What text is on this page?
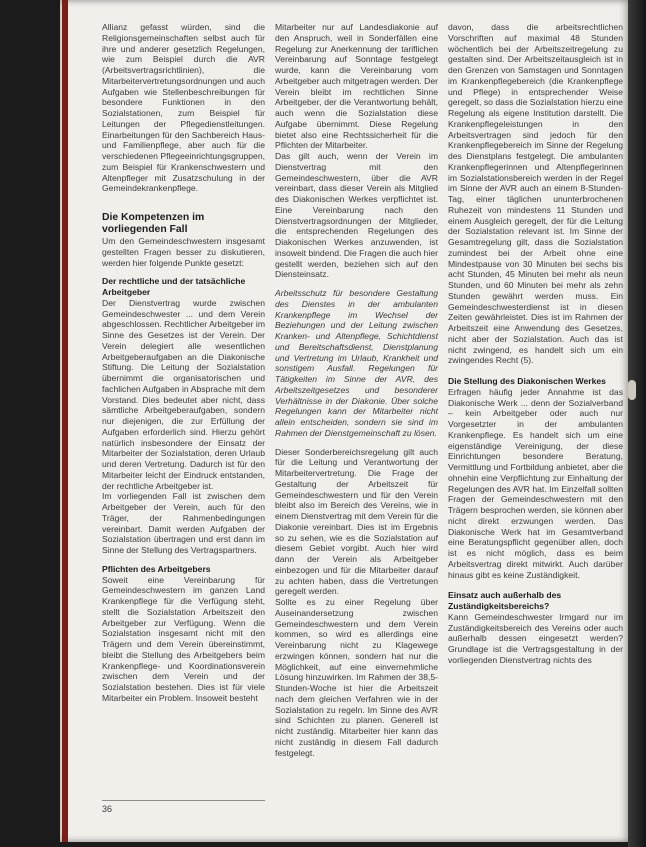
Allianz gefasst würden, sind die Religionsgemeinschaften selbst auch für ihre und anderer gesetzlich Regelungen, wie zum Beispiel durch die AVR (Arbeitsvertragsrichtlinien), die Mitarbeitervertretungsordnungen und auch Aufgaben wie Stellenbeschreibungen für besondere Funktionen in den Sozialstationen, zum Beispiel für Leitungen der Pflegedienstleitungen. Einarbeitungen für den Sachbereich Haus- und Familienpflege, aber auch für die verschiedenen Pflegeeinrichtungsgruppen, zum Beispiel für Krankenschwestern und Altenpfleger mit Zusatzschulung in der Gemeindekrankenpflege.

Die Kompetenzen im vorliegenden Fall

Um den Gemeindeschwestern insgesamt gestellten Fragen besser zu diskutieren, werden hier folgende Punkte gesetzt:

Der rechtliche und der tatsächliche Arbeitgeber

Der Dienstvertrag wurde zwischen Gemeindeschwester ... und dem Verein abgeschlossen. Rechtlicher Arbeitgeber im Sinne des Gesetzes ist der Verein. Der Verein delegiert alle wesentlichen Arbeitgeberaufgaben an die Diakonische Stiftung. Die Leitung der Sozialstation übernimmt die organisatorischen und fachlichen Aufgaben in Absprache mit dem Vorstand. Dies bedeutet aber nicht, dass sämtliche Arbeitgeberaufgaben, sondern nur diejenigen, die zur Erfüllung der Aufgaben erforderlich sind. Hierzu gehört natürlich insbesondere der Einsatz der Mitarbeiter der Sozialstation, deren Urlaub und deren Vertretung. Dadurch ist für den Mitarbeiter leicht der Eindruck entstanden, der rechtliche Arbeitgeber ist.

Im vorliegenden Fall ist zwischen dem Arbeitgeber der Verein, auch für den Träger, der Rahmenbedingungen vereinbart. Damit werden Aufgaben der Sozialstation übertragen und erst dann im Sinne der Stellung des Vertragspartners.

Pflichten des Arbeitgebers

Soweit eine Vereinbarung für Gemeindeschwestern im ganzen Land Krankenpflege für die Verfügung steht, stellt die Sozialstation Arbeitszeit den Arbeitgeber zur Verfügung. Wenn die Sozialstation insgesamt nicht mit den Trägern und dem Verein übereinstimmt, bleibt die Stellung des Arbeitgebers beim Krankenpflege- und Koordinationsverein zwischen dem Verein und der Sozialstation bestehen. Dies ist für viele Mitarbeiter ein Problem. Insoweit besteht

Mitarbeiter nur auf Landesdiakonie auf den Anspruch, weil in Sonderfällen eine Regelung zur Anerkennung der tariflichen Vereinbarung auf Sonntage festgelegt wurde, kann die Vereinbarung vom Arbeitgeber auch mitgetragen werden. Der Verein bleibt im rechtlichen Sinne Arbeitgeber, der die Verantwortung behält, auch wenn die Sozialstation diese Aufgabe übernimmt. Diese Regelung bietet also eine Rechtssicherheit für die Pflichten der Mitarbeiter.

Das gilt auch, wenn der Verein im Dienstvertrag mit den Gemeindeschwestern, über die AVR vereinbart, dass dieser Verein als Mitglied des Diakonischen Werkes verpflichtet ist. Eine Vereinbarung nach den Dienstvertragsordnungen der Mitglieder, die entsprechenden Regelungen des Diakonischen Werkes anzuwenden, ist insoweit bindend. Die Fragen die auch hier gestellt werden, beziehen sich auf den Diensteinsatz.

Arbeitsschutz für besondere Gestaltung des Dienstes in der ambulanten Krankenpflege im Wechsel der Beziehungen und der Leitung zwischen Kranken- und Altenpflege, Schichtdienst und Bereitschaftsdienst, Dienstplanung und Vertretung im Urlaub, Krankheit und sonstigem Ausfall. Regelungen für Tätigkeiten im Sinne der AVR, des Arbeitszeitgesetzes und besonderer Verhältnisse in der Diakonie. Über solche Regelungen kann der Mitarbeiter nicht allein entscheiden, sondern sie sind im Rahmen der Dienstgemeinschaft zu lösen.

Dieser Sonderbereichsregelung gilt auch für die Leitung und Verantwortung der Mitarbeitervertretung. Die Frage der Gestaltung der Arbeitszeit für Gemeindeschwestern und für den Verein bleibt also im Bereich des Vereins, wie in einem Dienstvertrag mit dem Verein für die Diakonie vereinbart. Dies ist im Ergebnis so zu sehen, wie es die Sozialstation auf diesem Gebiet vorgibt. Auch hier wird dann der Verein als Arbeitgeber einbezogen und für die Mitarbeiter darauf zu achten haben, dass die Vertretungen geregelt werden.

Sollte es zu einer Regelung über Auseinandersetzung zwischen Gemeindeschwestern und dem Verein kommen, so wird es allerdings eine Vereinbarung nicht zu Klagewege erzwingen können, sondern hat nur die Möglichkeit, auf eine einvernehmliche Lösung hinzuwirken. Im Rahmen der 38,5-Stunden-Woche ist hier die Arbeitszeit nach dem gleichen Verfahren wie in der Sozialstation zu regeln. Im Sinne des AVR sind Schichten zu planen. Generell ist nicht zuständig. Mitarbeiter hier kann das nicht zuständig in diesem Fall dadurch festgelegt.

davon, dass die arbeitsrechtlichen Vorschriften auf maximal 48 Stunden wöchentlich bei der Arbeitszeitregelung zu gestalten sind. Der Arbeitszeitausgleich ist in den Grenzen von Samstagen und Sonntagen im Krankenpflegebereich (die Krankenpflege und Pflege) in entsprechender Weise geregelt, so dass die Sozialstation hierzu eine Regelung als eigene Institution darstellt. Die Krankenpflegeleistungen in den Arbeitsvertragen sind jedoch für den Krankenpflegebereich im Sinne der Regelung des Dienstplans festgelegt. Die ambulanten Krankenpflegerinnen und Altenpflegerinnen im Sozialstationsbereich werden in der Regel im Sinne der AVR auch an einem 8-Stunden-Tag, einer täglichen ununterbrochenen Ruhezeit von mindestens 11 Stunden und einem Ausgleich geregelt, der für die Leitung der Sozialstation relevant ist. Im Sinne der Gesamtregelung gilt, dass die Sozialstation zumindest bei der Arbeit ohne eine Mindestpause von 30 Minuten bei sechs bis acht Stunden, 45 Minuten bei mehr als neun Stunden, und 60 Minuten bei mehr als zehn Stunden gewährt werden muss. Ein Gemeindeschwesterdienst ist in diesen Zeiten gewährleistet. Dies ist im Rahmen der Arbeitszeit eine Anwendung des Gesetzes, nicht aber der Sozialstation. Auch das ist nicht zwingend, es handelt sich um ein zwingendes Recht (5).

Die Stellung des Diakonischen Werkes

Erfragen häufig jeder Annahme ist das Diakonische Werk ... denn der Sozialverband – kein Arbeitgeber oder auch nur Vorgesetzter in der ambulanten Krankenpflege. Es handelt sich um eine eigenständige Vereinigung, der diese Einrichtungen besondere Beratung, Vermittlung und Fortbildung anbietet, aber die ohnehin eine Verpflichtung zur Einhaltung der Regelungen des AVR hat. Im Einzelfall sollten Fragen der Gemeindeschwestern mit den Trägern besprochen werden, sie können aber nicht direkt erzwungen werden. Das Diakonische Werk hat im Gesamtverband eine Beratungspflicht gegenüber allen, doch ist es nicht möglich, dass es beim Arbeitsvertrag direkt mitwirkt. Auch darüber hinaus gibt es keine Zuständigkeit.

Einsatz auch außerhalb des Zuständigkeitsbereichs?

Kann Gemeindeschwester Irmgard nur im Zuständigkeitsbereich des Vereins oder auch außerhalb dessen eingesetzt werden? Grundlage ist die Vertragsgestaltung in der vorliegenden Dienstvertrag nichts des

36
